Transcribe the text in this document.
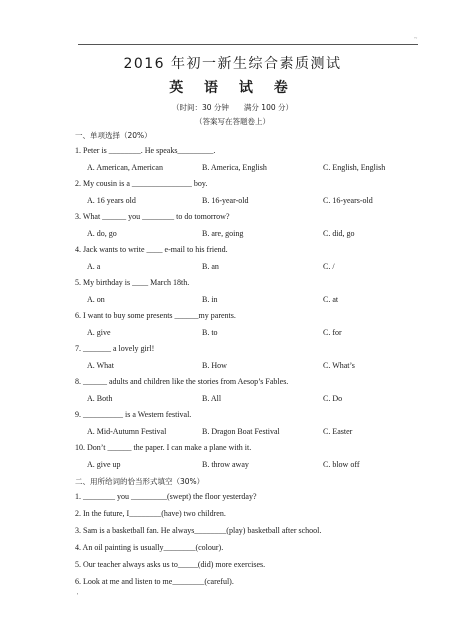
~
2016 年初一新生综合素质测试
英 语 试 卷
（时间：30 分钟　　满分 100 分）
（答案写在答题卷上）
一、单项选择（20%）
1. Peter is ________. He speaks_________.
A. American, American	B. America, English	C. English, English
2. My cousin is a _______________ boy.
A. 16 years old	B. 16-year-old	C. 16-years-old
3. What ______ you ________ to do tomorrow?
A. do, go	B. are, going	C. did, go
4. Jack wants to write ____ e-mail to his friend.
A. a	B. an	C. /
5. My birthday is ____ March 18th.
A. on	B. in	C. at
6. I want to buy some presents ______my parents.
A. give	B. to	C. for
7. _______ a lovely girl!
A. What	B. How	C. What’s
8. ______ adults and children like the stories from Aesop’s Fables.
A. Both	B. All	C. Do
9. __________ is a Western festival.
A. Mid-Autumn Festival	B. Dragon Boat Festival	C. Easter
10. Don’t ______ the paper. I can make a plane with it.
A. give up	B. throw away	C. blow off
二、用所给词的恰当形式填空（30%）
1. ________ you _________(swept) the floor yesterday?
2. In the future, I________(have) two children.
3. Sam is a basketball fan. He always________(play) basketball after school.
4. An oil painting is usually________(colour).
5. Our teacher always asks us to_____(did) more exercises.
6. Look at me and listen to me________(careful).
'
